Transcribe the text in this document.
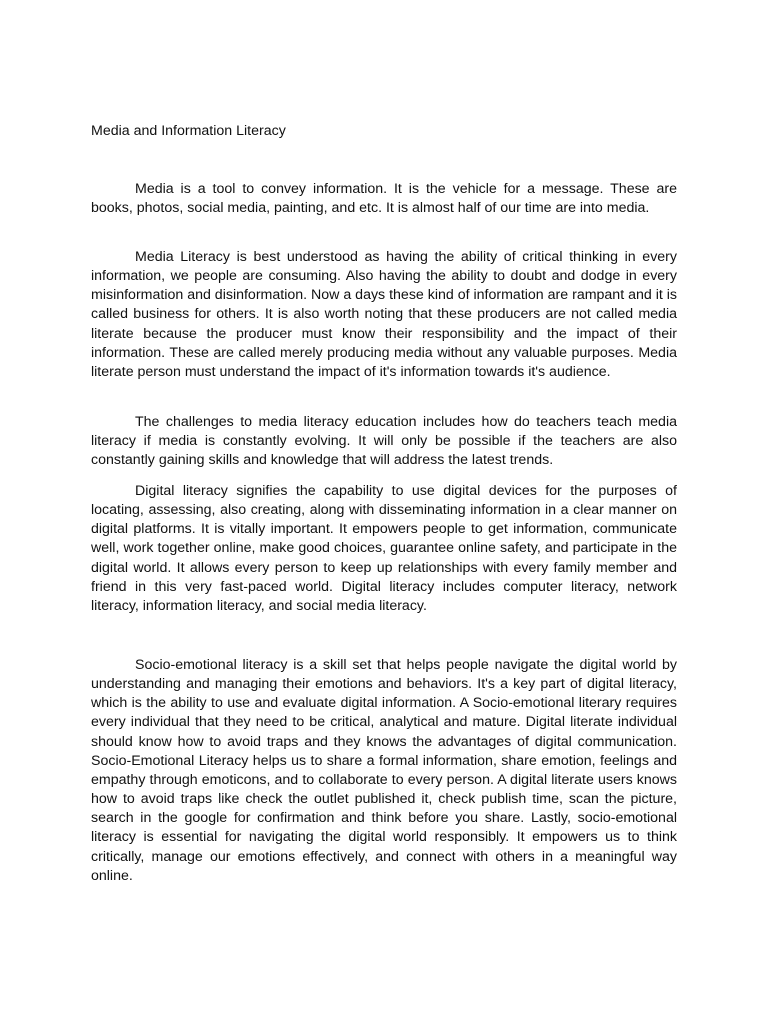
Media and Information Literacy

Media is a tool to convey information. It is the vehicle for a message. These are books, photos, social media, painting, and etc. It is almost half of our time are into media.

Media Literacy is best understood as having the ability of critical thinking in every information, we people are consuming. Also having the ability to doubt and dodge in every misinformation and disinformation. Now a days these kind of information are rampant and it is called business for others. It is also worth noting that these producers are not called media literate because the producer must know their responsibility and the impact of their information. These are called merely producing media without any valuable purposes. Media literate person must understand the impact of it's information towards it's audience.

The challenges to media literacy education includes how do teachers teach media literacy if media is constantly evolving. It will only be possible if the teachers are also constantly gaining skills and knowledge that will address the latest trends.

Digital literacy signifies the capability to use digital devices for the purposes of locating, assessing, also creating, along with disseminating information in a clear manner on digital platforms. It is vitally important. It empowers people to get information, communicate well, work together online, make good choices, guarantee online safety, and participate in the digital world. It allows every person to keep up relationships with every family member and friend in this very fast-paced world. Digital literacy includes computer literacy, network literacy, information literacy, and social media literacy.

Socio-emotional literacy is a skill set that helps people navigate the digital world by understanding and managing their emotions and behaviors. It's a key part of digital literacy, which is the ability to use and evaluate digital information. A Socio-emotional literary requires every individual that they need to be critical, analytical and mature. Digital literate individual should know how to avoid traps and they knows the advantages of digital communication. Socio-Emotional Literacy helps us to share a formal information, share emotion, feelings and empathy through emoticons, and to collaborate to every person. A digital literate users knows how to avoid traps like check the outlet published it, check publish time, scan the picture, search in the google for confirmation and think before you share. Lastly, socio-emotional literacy is essential for navigating the digital world responsibly. It empowers us to think critically, manage our emotions effectively, and connect with others in a meaningful way online.
